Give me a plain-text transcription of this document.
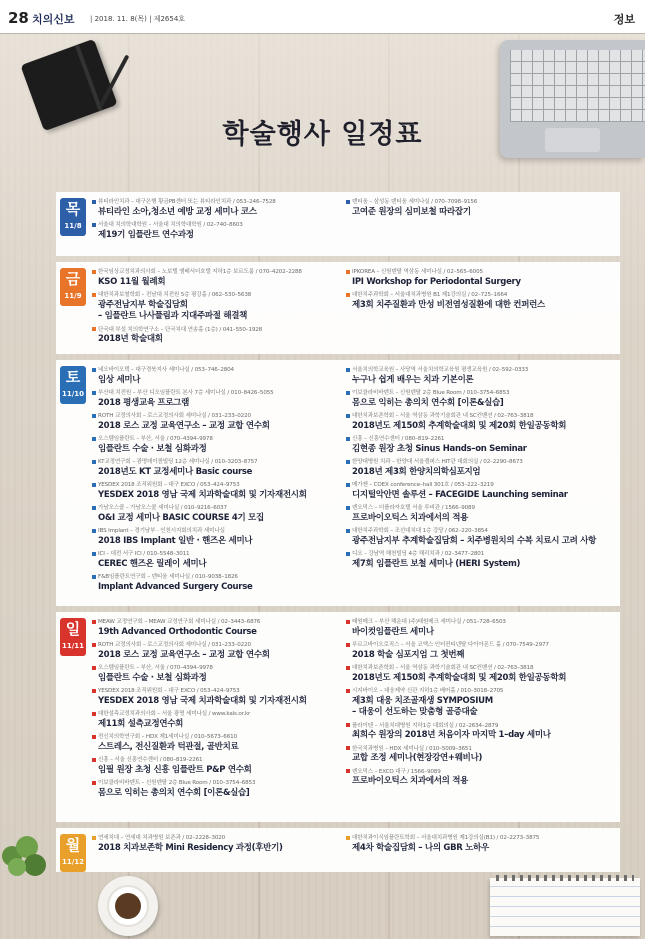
28 치의신보 | 2018. 11. 8(목) | 제2654호	정보
학술행사 일정표
목
11/8
뷰티라인치과 – 대구은행 황금PB센터 또는 뷰티라인치과 / 053–246–7528
뷰티라인 소아,청소년 예방 교정 세미나 코스
서울대 치의학대학원 – 서울대 치의학대학원 / 02–740–8603
제19기 임플란트 연수과정
덴티움 – 삼성동 덴티움 세미나실 / 070–7098–9156
고여준 원장의 심미보철 따라잡기
금
11/9
한국임상교정치과의사회 – 노보텔 앰배서더호텔 지하1층 보르도룸 / 070–4202–2288
KSO 11월 월례회
대한치과보철학회 – 전남대 치전원 5층 평강홀 / 062–530–5638
광주전남지부 학술집담회
– 임플란트 나사풀림과 지대주파절 해결책
단국대 부설 치의학연구소 – 단국치대 연송홀 (1층) / 041–550–1928
2018년 학술대회
IPKOREA – 신원덴탈 역삼동 세미나실 / 02–565–6005
IPI Workshop for Periodontal Surgery
대한치주과학회 – 서울대치과병원 B1 제1강의실 / 02–725–1664
제3회 치주질환과 만성 비전염성질환에 대한 컨퍼런스
토
11/10
네오바이오텍 – 대구경북지사 세미나실 / 053–746–2804
임상 세미나
부산대 치전원 – 부산 디오임플란트 본사 7층 세미나실 / 010–8426–5055
2018 평생교육 프로그램
ROTH 교정의사회 – 로스교정의사회 세미나실 / 031–233–0220
2018 로스 교정 교육연구소 – 교정 교합 연수회
오스템임플란트 – 부산, 서울 / 070–4394–9978
임플란트 수술 · 보철 심화과정
KT교정연구회 – 광명데이콤빌딩 12층 세미나실 / 010–3203–8757
2018년도 KT 교정세미나 Basic course
YESDEX 2018 조직위원회 – 대구 EXCO / 053–424–9753
YESDEX 2018 영남 국제 치과학술대회 및 기자재전시회
가남오스콜 – 가남오스콜 세미나실 / 010–9216–6037
O&I 교정 세미나 BASIC COURSE 4기 모집
IBS Implant – 경기남부 · 인천시지회의치과 세미나실
2018 IBS Implant 일반 · 핸즈온 세미나
ICI – 대전 서구 ICI / 010–5548–3011
CEREC 핸즈온 릴레이 세미나
F&B임플란트연구회 – 덴티움 세미나실 / 010–9038–1826
Implant Advanced Surgery Course
서울치의학교육원 – 사당역 서울치의학교육원 평생교육원 / 02–592–0333
누구나 쉽게 배우는 치과 기본이론
이보클라비바덴트 – 신원덴탈 2층 Blue Room / 010–3754–6853
몸으로 익히는 총의치 연수회 [이론&실습]
대한치과보존학회 – 서울 역삼동 과학기술회관 내 SC컨벤션 / 02–763–3818
2018년도 제150회 추계학술대회 및 제20회 한일공동학회
신흥 – 신흥연수센터 / 080–819–2261
김현종 원장 초청 Sinus Hands–on Seminar
한양대병원 치과 – 한양대 서울캠퍼스 HIT관 대회의실 / 02–2290–8673
2018년 제3회 한양치의학심포지엄
메가젠 – COEX conference–hall 301호 / 053–222–3219
디지털악안면 솔루션 – FACEGIDE Launching seminar
덴오믹스 – 더플라자호텔 서울 루비관 / 1566–9089
프로바이오틱스 치과에서의 적용
대한치주과학회 – 조선대치대 1층 강당 / 062–220–3854
광주전남지부 추계학술집담회 – 치주병원치의 수복 치료시 고려 사항
디오 – 강남역 해천빌딩 4층 해리치과 / 02–3477–2801
제7회 임플란트 보철 세미나 (HERI System)
일
11/11
MEAW 교정연구회 – MEAW 교정연구회 세미나실 / 02–3443–6876
19th Advanced Orthodontic Course
ROTH 교정의사회 – 로스교정의사회 세미나실 / 031–233–0220
2018 로스 교정 교육연구소 – 교정 교합 연수회
오스템임플란트 – 부산, 서울 / 070–4394–9978
임플란트 수술 · 보철 심화과정
YESDEX 2018 조직위원회 – 대구 EXCO / 053–424–9753
YESDEX 2018 영남 국제 치과학술대회 및 기자재전시회
대한설측교정치과의사회 – 서울 광명 세미나실 / www.kals.or.kr
제11회 설측교정연수회
전신치의학연구회 – HDX 제1세미나실 / 010–5673–6610
스트레스, 전신질환과 턱관절, 골반치료
신흥 – 서울 신흥연수센터 / 080–819–2261
임필 원장 초청 신흥 임플란트 P&P 연수회
이보클라비바덴트 – 신원덴탈 2층 Blue Room / 010–3754–6853
몸으로 익히는 총의치 연수회 [이론&실습]
태원메크 – 부산 해운대 (주)태원메크 세미나실 / 051–728–6503
바이컷임플란트 세미나
푸르고바이오로직스 – 서울 코엑스 인터컨티넨탈 다이아몬드 홀 / 070–7549–2977
2018 학술 심포지엄 그 첫번째
대한치과보존학회 – 서울 역삼동 과학기술회관 내 SC컨벤션 / 02–763–3818
2018년도 제150회 추계학술대회 및 제20회 한일공동학회
시지바이오 – 대웅제약 신관 지하1층 베어홀 / 010–3018–2705
제3회 대웅 치조골재생 SYMPOSIUM
– 대웅이 선도하는 맞춤형 골증대술
플라이텐 – 서울치대병원 지하1층 대회의실 / 02–2634–2879
최희수 원장의 2018년 처음이자 마지막 1–day 세미나
한국치과병원 – HDX 세미나실 / 010–5009–3651
교합 조정 세미나(현장강연+웨비나)
덴오믹스 – EXCO 대구 / 1566–9089
프로바이오틱스 치과에서의 적용
월
11/12
연세치대 – 연세대 치과병원 보존과 / 02–2228–3020
2018 치과보존학 Mini Residency 과정(후반기)
대한치과이식임플란트학회 – 서울대치과병원 제1강의실(B1) / 02–2273–3875
제4차 학술집담회 – 나의 GBR 노하우
